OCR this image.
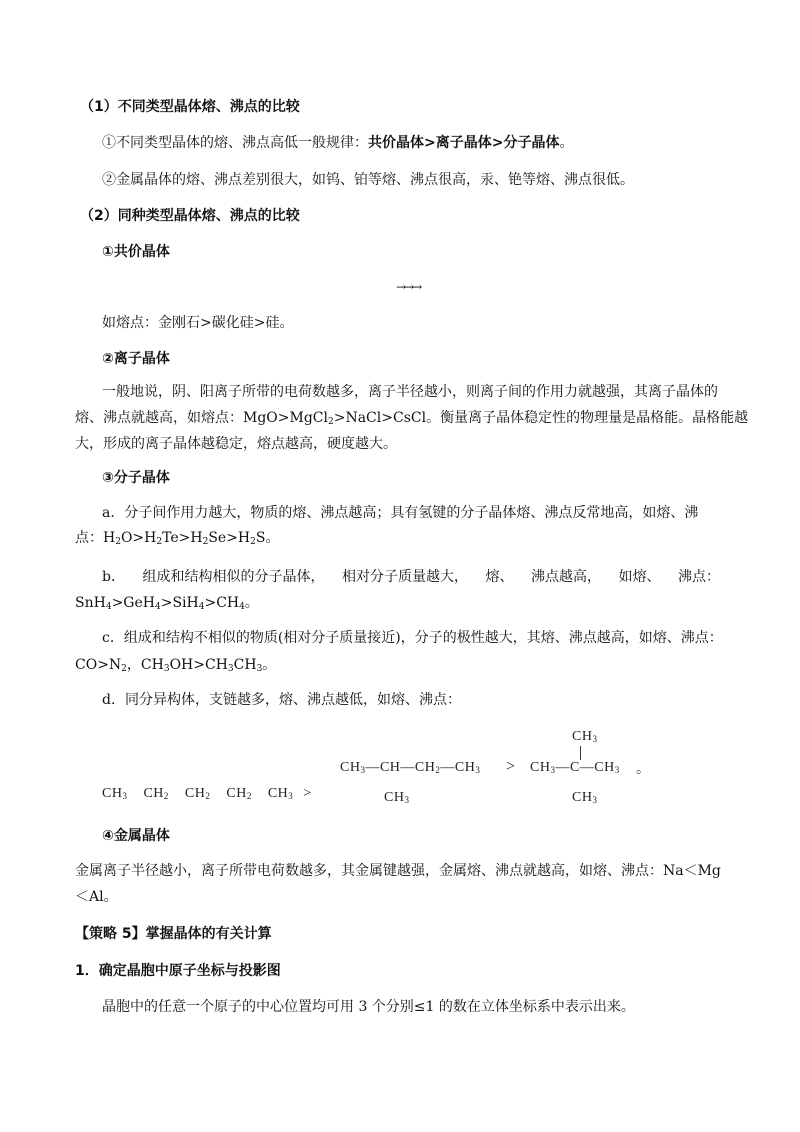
（1）不同类型晶体熔、沸点的比较
①不同类型晶体的熔、沸点高低一般规律：共价晶体>离子晶体>分子晶体。
②金属晶体的熔、沸点差别很大，如钨、铂等熔、沸点很高，汞、铯等熔、沸点很低。
（2）同种类型晶体熔、沸点的比较
①共价晶体
→→→
如熔点：金刚石>碳化硅>硅。
②离子晶体
一般地说，阴、阳离子所带的电荷数越多，离子半径越小，则离子间的作用力就越强，其离子晶体的
熔、沸点就越高，如熔点：MgO>MgCl$_2$>NaCl>CsCl。衡量离子晶体稳定性的物理量是晶格能。晶格能越
大，形成的离子晶体越稳定，熔点越高，硬度越大。
③分子晶体
a．分子间作用力越大，物质的熔、沸点越高；具有氢键的分子晶体熔、沸点反常地高，如熔、沸
点：$H_2O>H_2Te>H_2Se>H_2S$。
b． 组成和结构相似的分子晶体， 相对分子质量越大， 熔、 沸点越高， 如熔、 沸点：
$SnH_4>GeH_4>SiH_4>CH_4$。
c．组成和结构不相似的物质(相对分子质量接近)，分子的极性越大，其熔、沸点越高，如熔、沸点：
$CO>N_2$，$CH_3OH>CH_3CH_3$。
d．同分异构体，支链越多，熔、沸点越低，如熔、沸点：
$CH_3$ $CH_2$ $CH_2$ $CH_2$ $CH_3$ >
$CH_3—CH—CH_2—CH_3$
$CH_3$
>
$CH_3$
$CH_3—C—CH_3$
$CH_3$
。
④金属晶体
金属离子半径越小，离子所带电荷数越多，其金属键越强，金属熔、沸点就越高，如熔、沸点：Na＜Mg
＜Al。
【策略 5】掌握晶体的有关计算
1．确定晶胞中原子坐标与投影图
晶胞中的任意一个原子的中心位置均可用 3 个分别≤1 的数在立体坐标系中表示出来。
